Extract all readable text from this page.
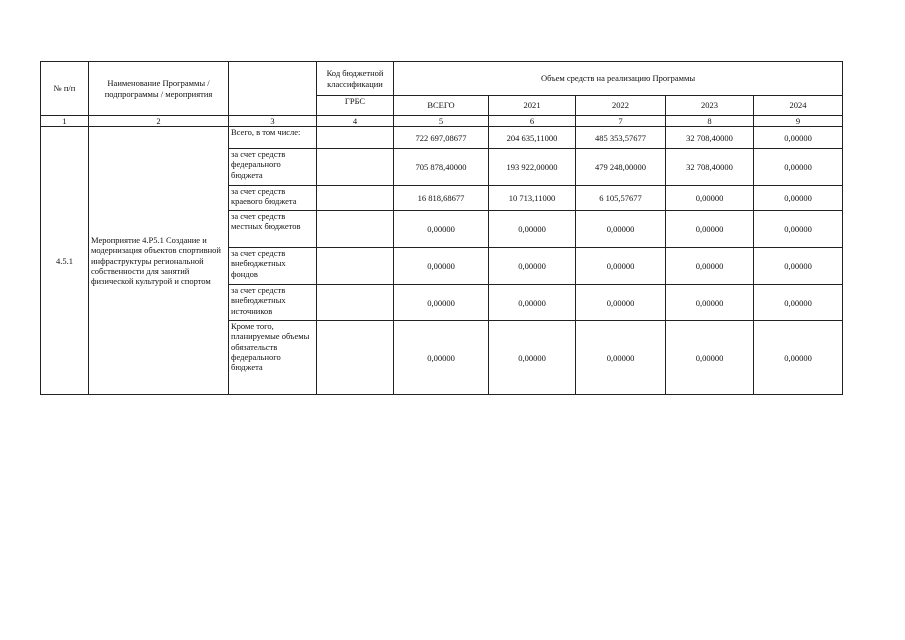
№ п/п	Наименование Программы / подпрограммы / мероприятия		Код бюджетной классификации	Объем средств на реализацию Программы				
			ГРБС	ВСЕГО	2021	2022	2023	2024
1	2	3	4	5	6	7	8	9
4.5.1	Мероприятие 4.Р5.1 Создание и модернизация объектов спортивной инфраструктуры региональной собственности для занятий физической культурой и спортом	Всего, в том числе:		722 697,08677	204 635,11000	485 353,57677	32 708,40000	0,00000
		за счет средств федерального бюджета		705 878,40000	193 922,00000	479 248,00000	32 708,40000	0,00000
		за счет средств краевого бюджета		16 818,68677	10 713,11000	6 105,57677	0,00000	0,00000
		за счет средств местных бюджетов		0,00000	0,00000	0,00000	0,00000	0,00000
		за счет средств внебюджетных фондов		0,00000	0,00000	0,00000	0,00000	0,00000
		за счет средств внебюджетных источников		0,00000	0,00000	0,00000	0,00000	0,00000
		Кроме того, планируемые объемы обязательств федерального бюджета		0,00000	0,00000	0,00000	0,00000	0,00000
